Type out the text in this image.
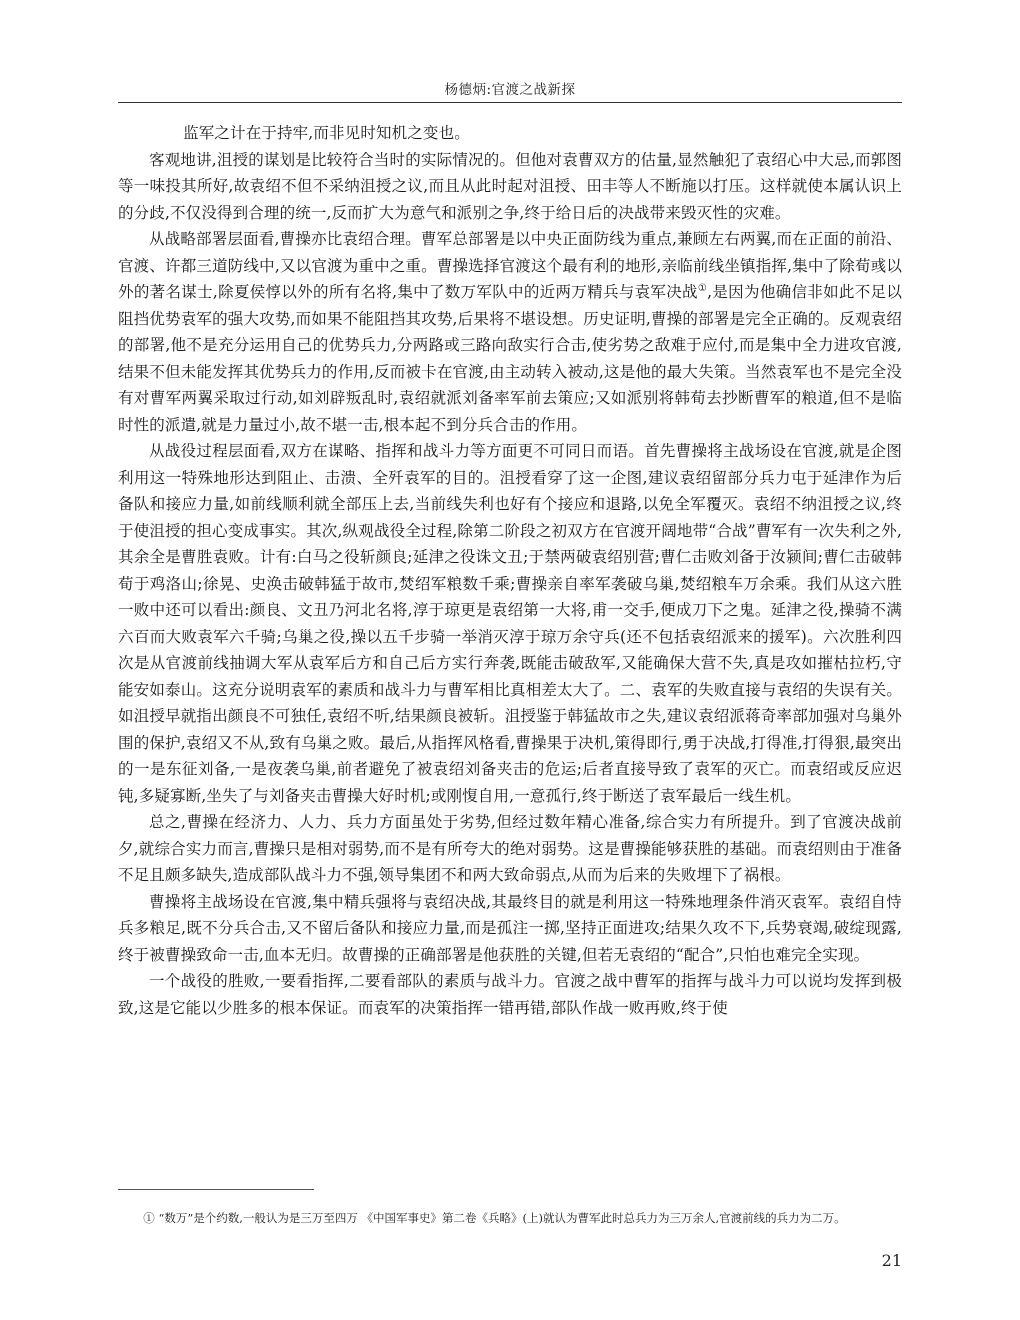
杨德炳:官渡之战新探

监军之计在于持牢,而非见时知机之变也。

客观地讲,沮授的谋划是比较符合当时的实际情况的。但他对袁曹双方的估量,显然触犯了袁绍心中大忌,而郭图等一味投其所好,故袁绍不但不采纳沮授之议,而且从此时起对沮授、田丰等人不断施以打压。这样就使本属认识上的分歧,不仅没得到合理的统一,反而扩大为意气和派别之争,终于给日后的决战带来毁灭性的灾难。

从战略部署层面看,曹操亦比袁绍合理。曹军总部署是以中央正面防线为重点,兼顾左右两翼,而在正面的前沿、官渡、许都三道防线中,又以官渡为重中之重。曹操选择官渡这个最有利的地形,亲临前线坐镇指挥,集中了除荀彧以外的著名谋士,除夏侯惇以外的所有名将,集中了数万军队中的近两万精兵与袁军决战①,是因为他确信非如此不足以阻挡优势袁军的强大攻势,而如果不能阻挡其攻势,后果将不堪设想。历史证明,曹操的部署是完全正确的。反观袁绍的部署,他不是充分运用自己的优势兵力,分两路或三路向敌实行合击,使劣势之敌难于应付,而是集中全力进攻官渡,结果不但未能发挥其优势兵力的作用,反而被卡在官渡,由主动转入被动,这是他的最大失策。当然袁军也不是完全没有对曹军两翼采取过行动,如刘辟叛乱时,袁绍就派刘备率军前去策应;又如派别将韩荀去抄断曹军的粮道,但不是临时性的派遣,就是力量过小,故不堪一击,根本起不到分兵合击的作用。

从战役过程层面看,双方在谋略、指挥和战斗力等方面更不可同日而语。首先曹操将主战场设在官渡,就是企图利用这一特殊地形达到阻止、击溃、全歼袁军的目的。沮授看穿了这一企图,建议袁绍留部分兵力屯于延津作为后备队和接应力量,如前线顺利就全部压上去,当前线失利也好有个接应和退路,以免全军覆灭。袁绍不纳沮授之议,终于使沮授的担心变成事实。其次,纵观战役全过程,除第二阶段之初双方在官渡开阔地带“合战”曹军有一次失利之外,其余全是曹胜袁败。计有:白马之役斩颜良;延津之役诛文丑;于禁两破袁绍别营;曹仁击败刘备于汝颍间;曹仁击破韩荀于鸡洛山;徐晃、史涣击破韩猛于故市,焚绍军粮数千乘;曹操亲自率军袭破乌巢,焚绍粮车万余乘。我们从这六胜一败中还可以看出:颜良、文丑乃河北名将,淳于琼更是袁绍第一大将,甫一交手,便成刀下之鬼。延津之役,操骑不满六百而大败袁军六千骑;乌巢之役,操以五千步骑一举消灭淳于琼万余守兵(还不包括袁绍派来的援军)。六次胜利四次是从官渡前线抽调大军从袁军后方和自己后方实行奔袭,既能击破敌军,又能确保大营不失,真是攻如摧枯拉朽,守能安如泰山。这充分说明袁军的素质和战斗力与曹军相比真相差太大了。二、袁军的失败直接与袁绍的失误有关。如沮授早就指出颜良不可独任,袁绍不听,结果颜良被斩。沮授鉴于韩猛故市之失,建议袁绍派蒋奇率部加强对乌巢外围的保护,袁绍又不从,致有乌巢之败。最后,从指挥风格看,曹操果于决机,策得即行,勇于决战,打得准,打得狠,最突出的一是东征刘备,一是夜袭乌巢,前者避免了被袁绍刘备夹击的危运;后者直接导致了袁军的灭亡。而袁绍或反应迟钝,多疑寡断,坐失了与刘备夹击曹操大好时机;或刚愎自用,一意孤行,终于断送了袁军最后一线生机。

总之,曹操在经济力、人力、兵力方面虽处于劣势,但经过数年精心准备,综合实力有所提升。到了官渡决战前夕,就综合实力而言,曹操只是相对弱势,而不是有所夸大的绝对弱势。这是曹操能够获胜的基础。而袁绍则由于准备不足且颇多缺失,造成部队战斗力不强,领导集团不和两大致命弱点,从而为后来的失败埋下了祸根。

曹操将主战场设在官渡,集中精兵强将与袁绍决战,其最终目的就是利用这一特殊地理条件消灭袁军。袁绍自恃兵多粮足,既不分兵合击,又不留后备队和接应力量,而是孤注一掷,坚持正面进攻;结果久攻不下,兵势衰竭,破绽现露,终于被曹操致命一击,血本无归。故曹操的正确部署是他获胜的关键,但若无袁绍的“配合”,只怕也难完全实现。

一个战役的胜败,一要看指挥,二要看部队的素质与战斗力。官渡之战中曹军的指挥与战斗力可以说均发挥到极致,这是它能以少胜多的根本保证。而袁军的决策指挥一错再错,部队作战一败再败,终于使

① “数万”是个约数,一般认为是三万至四万 《中国军事史》第二卷《兵略》(上)就认为曹军此时总兵力为三万余人,官渡前线的兵力为二万。
21
